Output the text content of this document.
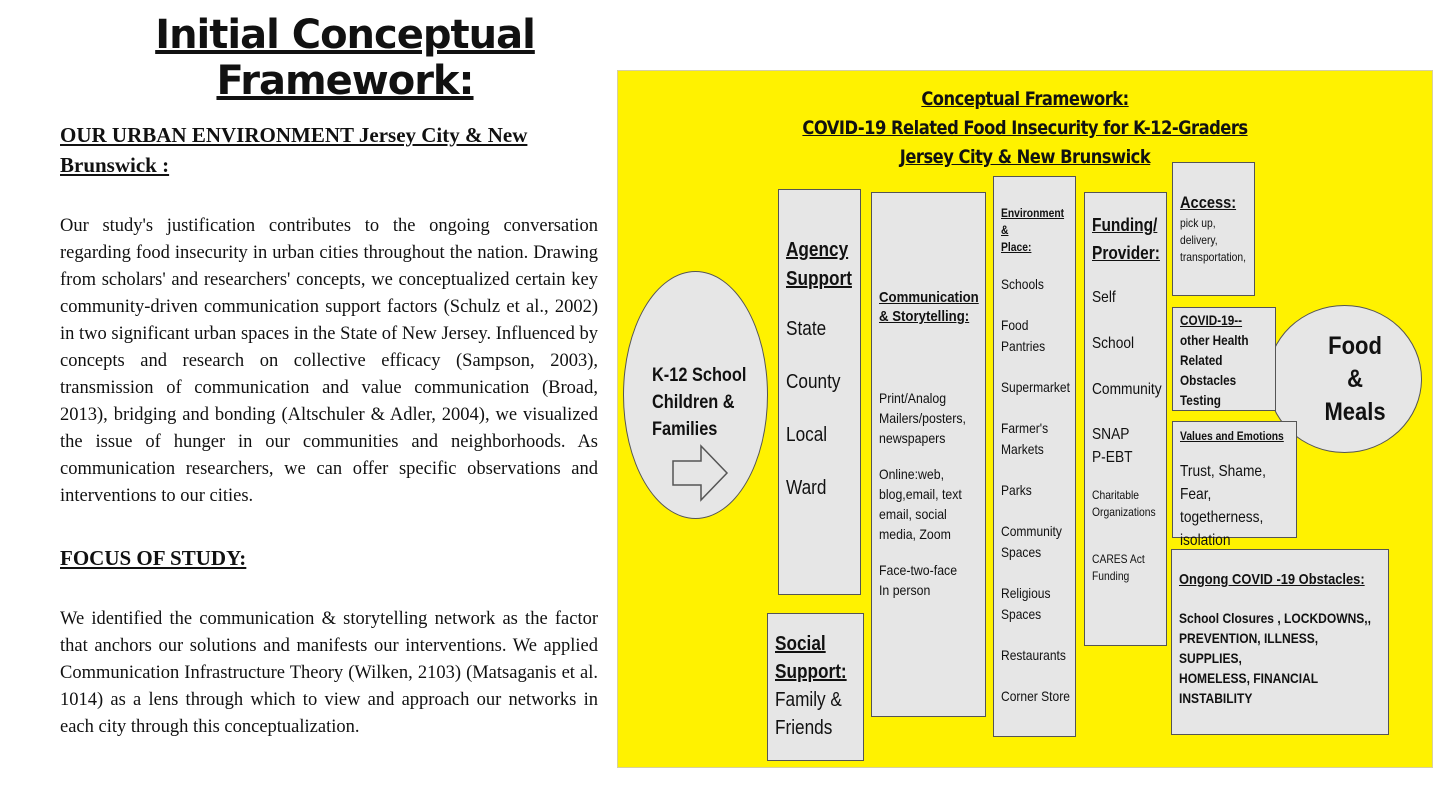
Initial Conceptual
Framework:
OUR URBAN ENVIRONMENT Jersey City & New Brunswick :
Our study's justification contributes to the ongoing conversation regarding food insecurity in urban cities throughout the nation. Drawing from scholars' and researchers' concepts, we conceptualized certain key community-driven communication support factors (Schulz et al., 2002) in two significant urban spaces in the State of New Jersey. Influenced by concepts and research on collective efficacy (Sampson, 2003), transmission of communication and value communication (Broad, 2013), bridging and bonding (Altschuler & Adler, 2004), we visualized the issue of hunger in our communities and neighborhoods. As communication researchers, we can offer specific observations and interventions to our cities.
FOCUS OF STUDY:
We identified the communication & storytelling network as the factor that anchors our solutions and manifests our interventions. We applied Communication Infrastructure Theory (Wilken, 2103) (Matsaganis et al. 1014) as a lens through which to view and approach our networks in each city through this conceptualization.
Conceptual Framework:
COVID-19 Related Food Insecurity for K-12-Graders
Jersey City & New Brunswick
K-12 School
Children &
Families
Agency
Support
State
County
Local
Ward
Social
Support:
Family &
Friends
Communication
& Storytelling:
Print/Analog
Mailers/posters,
newspapers
Online:web,
blog,email, text
email, social
media, Zoom
Face-two-face
In person
Environment
&
Place:
Schools
Food
Pantries
Supermarket
Farmer's
Markets
Parks
Community
Spaces
Religious
Spaces
Restaurants
Corner Store
Funding/
Provider:
Self
School
Community
SNAP
P-EBT
Charitable
Organizations
CARES Act
Funding
Food
&
Meals
Access:
pick up,
delivery,
transportation,
COVID-19--
other Health
Related
Obstacles
Testing
Values and Emotions
Trust, Shame,
Fear, togetherness,
isolation
Ongong COVID -19 Obstacles:
School Closures , LOCKDOWNS,,
PREVENTION, ILLNESS, SUPPLIES,
HOMELESS, FINANCIAL
INSTABILITY
